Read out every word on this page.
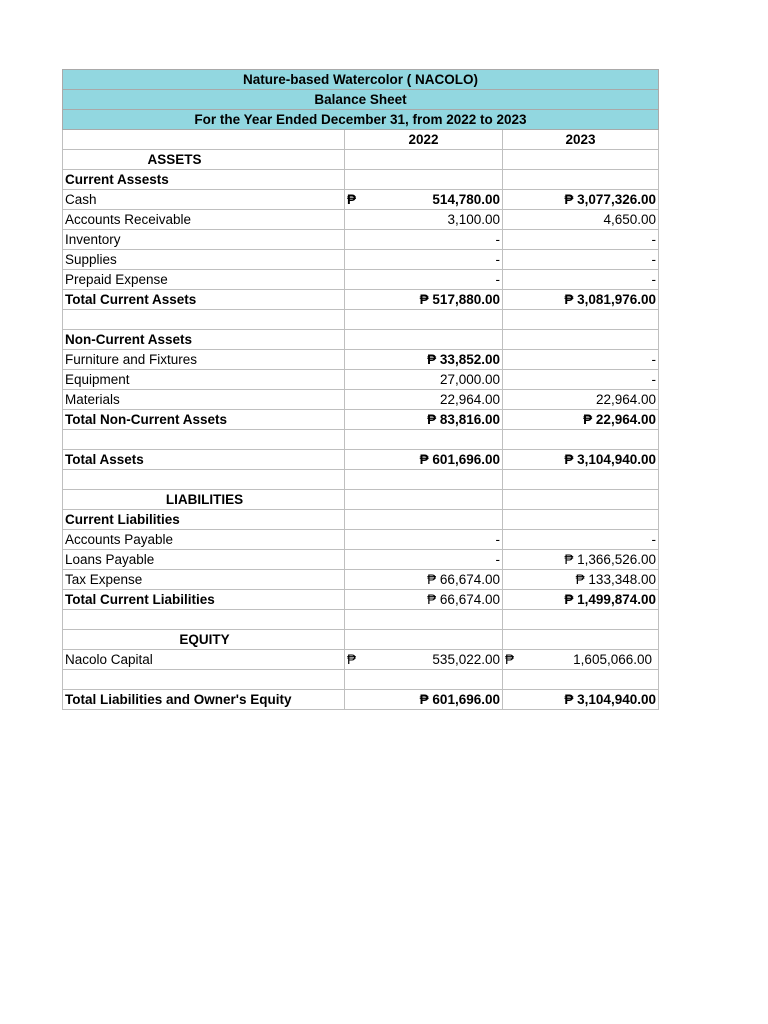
Nature-based Watercolor ( NACOLO)		
Balance Sheet		
For the Year Ended December 31, from 2022 to 2023		
	2022	2023
ASSETS		
Current Assests		
Cash	₱ 514,780.00	₱ 3,077,326.00
Accounts Receivable	3,100.00	4,650.00
Inventory	-	-
Supplies	-	-
Prepaid Expense	-	-
Total Current Assets	₱ 517,880.00	₱ 3,081,976.00

Non-Current Assets		
Furniture and Fixtures	₱ 33,852.00	-
Equipment	27,000.00	-
Materials	22,964.00	22,964.00
Total Non-Current Assets	₱ 83,816.00	₱ 22,964.00

Total Assets	₱ 601,696.00	₱ 3,104,940.00

LIABILITIES		
Current Liabilities		
Accounts Payable	-	-
Loans Payable	-	₱ 1,366,526.00
Tax Expense	₱ 66,674.00	₱ 133,348.00
Total Current Liabilities	₱ 66,674.00	₱ 1,499,874.00

EQUITY		
Nacolo Capital	₱ 535,022.00	₱ 1,605,066.00

Total Liabilities and Owner's Equity	₱ 601,696.00	₱ 3,104,940.00
